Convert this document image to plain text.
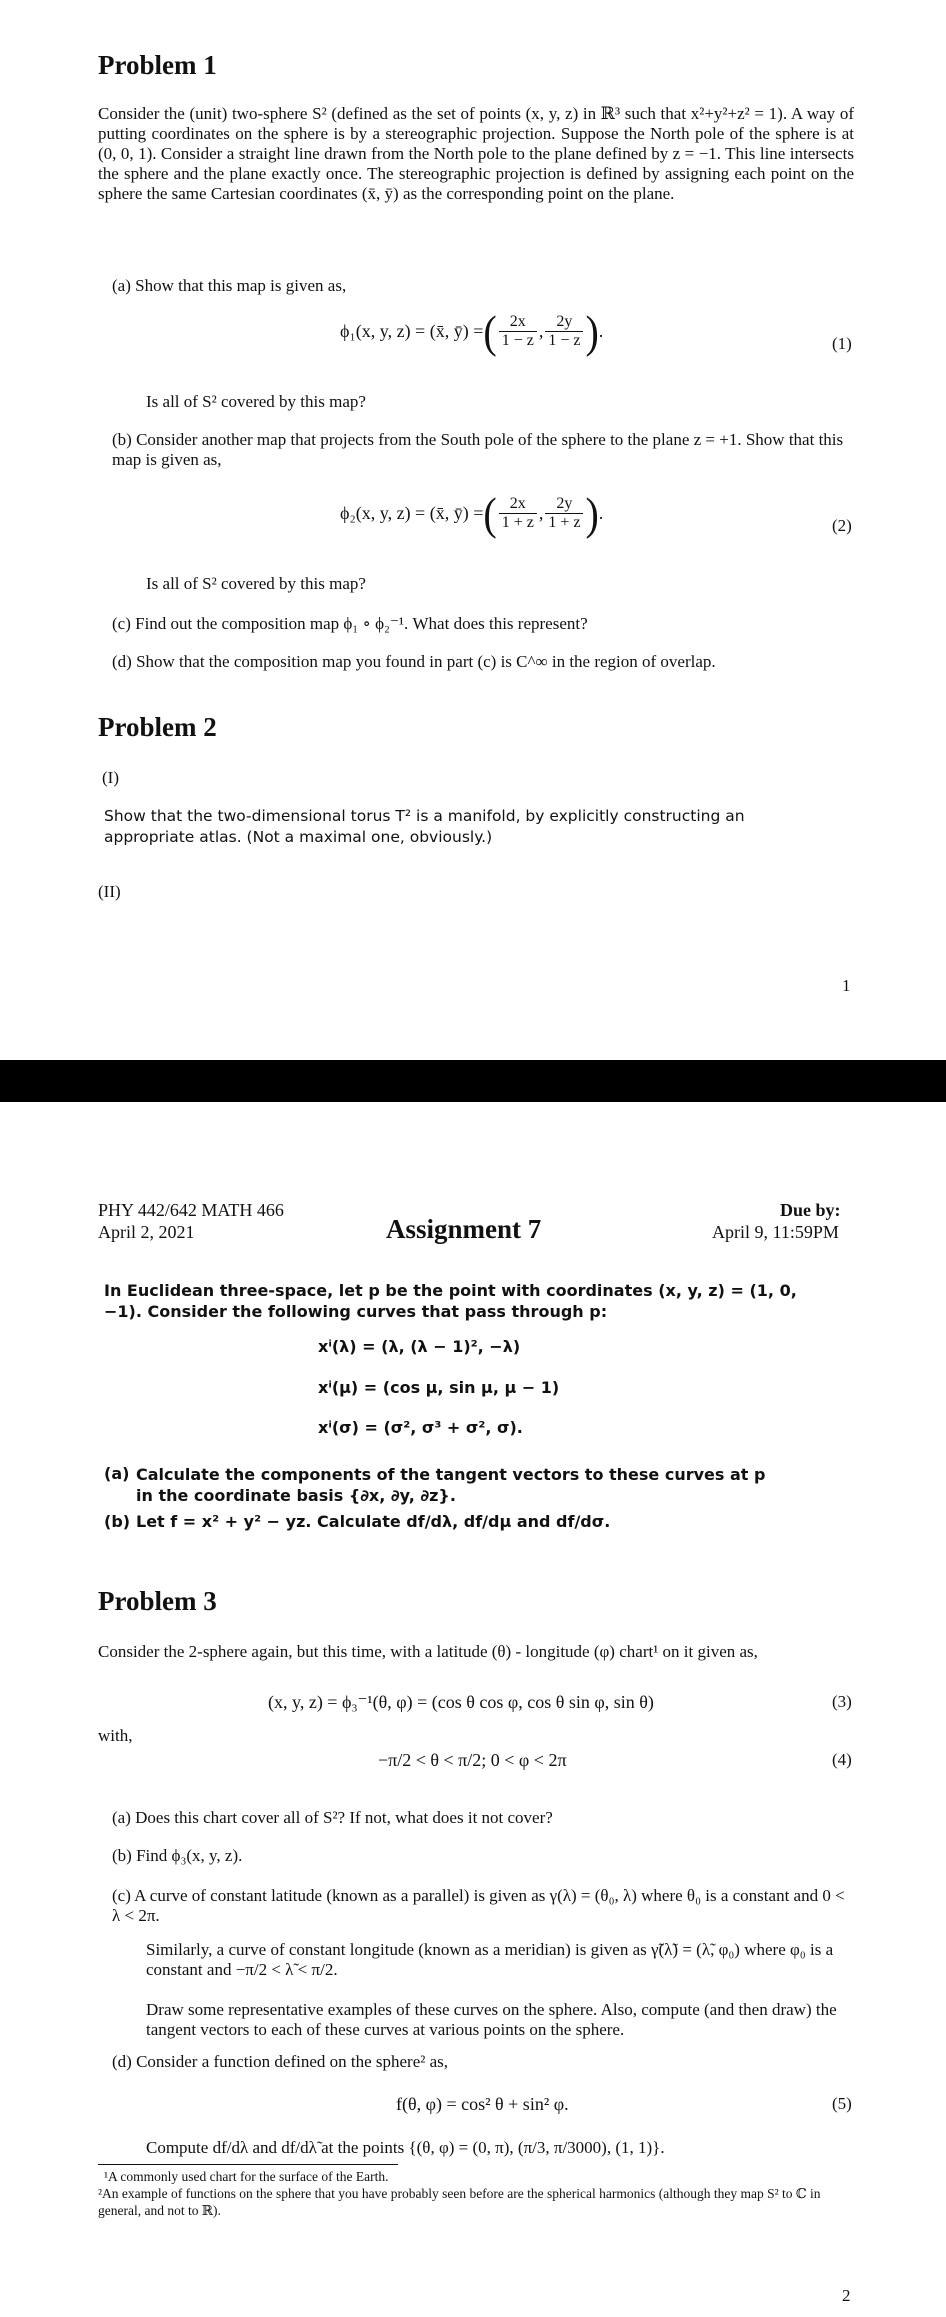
Problem 1
Consider the (unit) two-sphere S² (defined as the set of points (x, y, z) in ℝ³ such that x²+y²+z² = 1). A way of putting coordinates on the sphere is by a stereographic projection. Suppose the North pole of the sphere is at (0, 0, 1). Consider a straight line drawn from the North pole to the plane defined by z = −1. This line intersects the sphere and the plane exactly once. The stereographic projection is defined by assigning each point on the sphere the same Cartesian coordinates (x̄, ȳ) as the corresponding point on the plane.
(a) Show that this map is given as,
ϕ₁(x, y, z) = (x̄, ȳ) = ( $\frac{2x}{1 - z}$ , $\frac{2y}{1 - z}$ ) .
(1)
Is all of S² covered by this map?
(b) Consider another map that projects from the South pole of the sphere to the plane z = +1. Show that this map is given as,
ϕ₂(x, y, z) = (x̄, ȳ) = ( $\frac{2x}{1 + z}$ , $\frac{2y}{1 + z}$ ) .
(2)
Is all of S² covered by this map?
(c) Find out the composition map ϕ₁ ∘ ϕ₂⁻¹. What does this represent?
(d) Show that the composition map you found in part (c) is C^∞ in the region of overlap.
Problem 2
(I)
Show that the two-dimensional torus T² is a manifold, by explicitly constructing an appropriate atlas. (Not a maximal one, obviously.)
(II)
1
PHY 442/642 MATH 466
April 2, 2021	Assignment 7
Due by:
April 9, 11:59PM
In Euclidean three-space, let p be the point with coordinates (x, y, z) = (1, 0, −1). Consider the following curves that pass through p:
xⁱ(λ) = (λ, (λ − 1)², −λ)
xⁱ(μ) = (cos μ, sin μ, μ − 1)
xⁱ(σ) = (σ², σ³ + σ², σ).
(a) Calculate the components of the tangent vectors to these curves at p in the coordinate basis {∂x, ∂y, ∂z}.
(b) Let f = x² + y² − yz. Calculate df/dλ, df/dμ and df/dσ.
Problem 3
Consider the 2-sphere again, but this time, with a latitude (θ) - longitude (φ) chart¹ on it given as,
(x, y, z) = ϕ₃⁻¹(θ, φ) = (cos θ cos φ, cos θ sin φ, sin θ)	(3)
with,
−π/2 < θ < π/2; 0 < φ < 2π	(4)
(a) Does this chart cover all of S²? If not, what does it not cover?
(b) Find ϕ₃(x, y, z).
(c) A curve of constant latitude (known as a parallel) is given as γ(λ) = (θ₀, λ) where θ₀ is a constant and 0 < λ < 2π.
Similarly, a curve of constant longitude (known as a meridian) is given as γ̃(λ̃) = (λ̃, φ₀) where φ₀ is a constant and −π/2 < λ̃ < π/2.
Draw some representative examples of these curves on the sphere. Also, compute (and then draw) the tangent vectors to each of these curves at various points on the sphere.
(d) Consider a function defined on the sphere² as,
f(θ, φ) = cos² θ + sin² φ.	(5)
Compute df/dλ and df/dλ̃ at the points {(θ, φ) = (0, π), (π/3, π/3000), (1, 1)}.
¹A commonly used chart for the surface of the Earth.
²An example of functions on the sphere that you have probably seen before are the spherical harmonics (although they map S² to ℂ in general, and not to ℝ).
2
